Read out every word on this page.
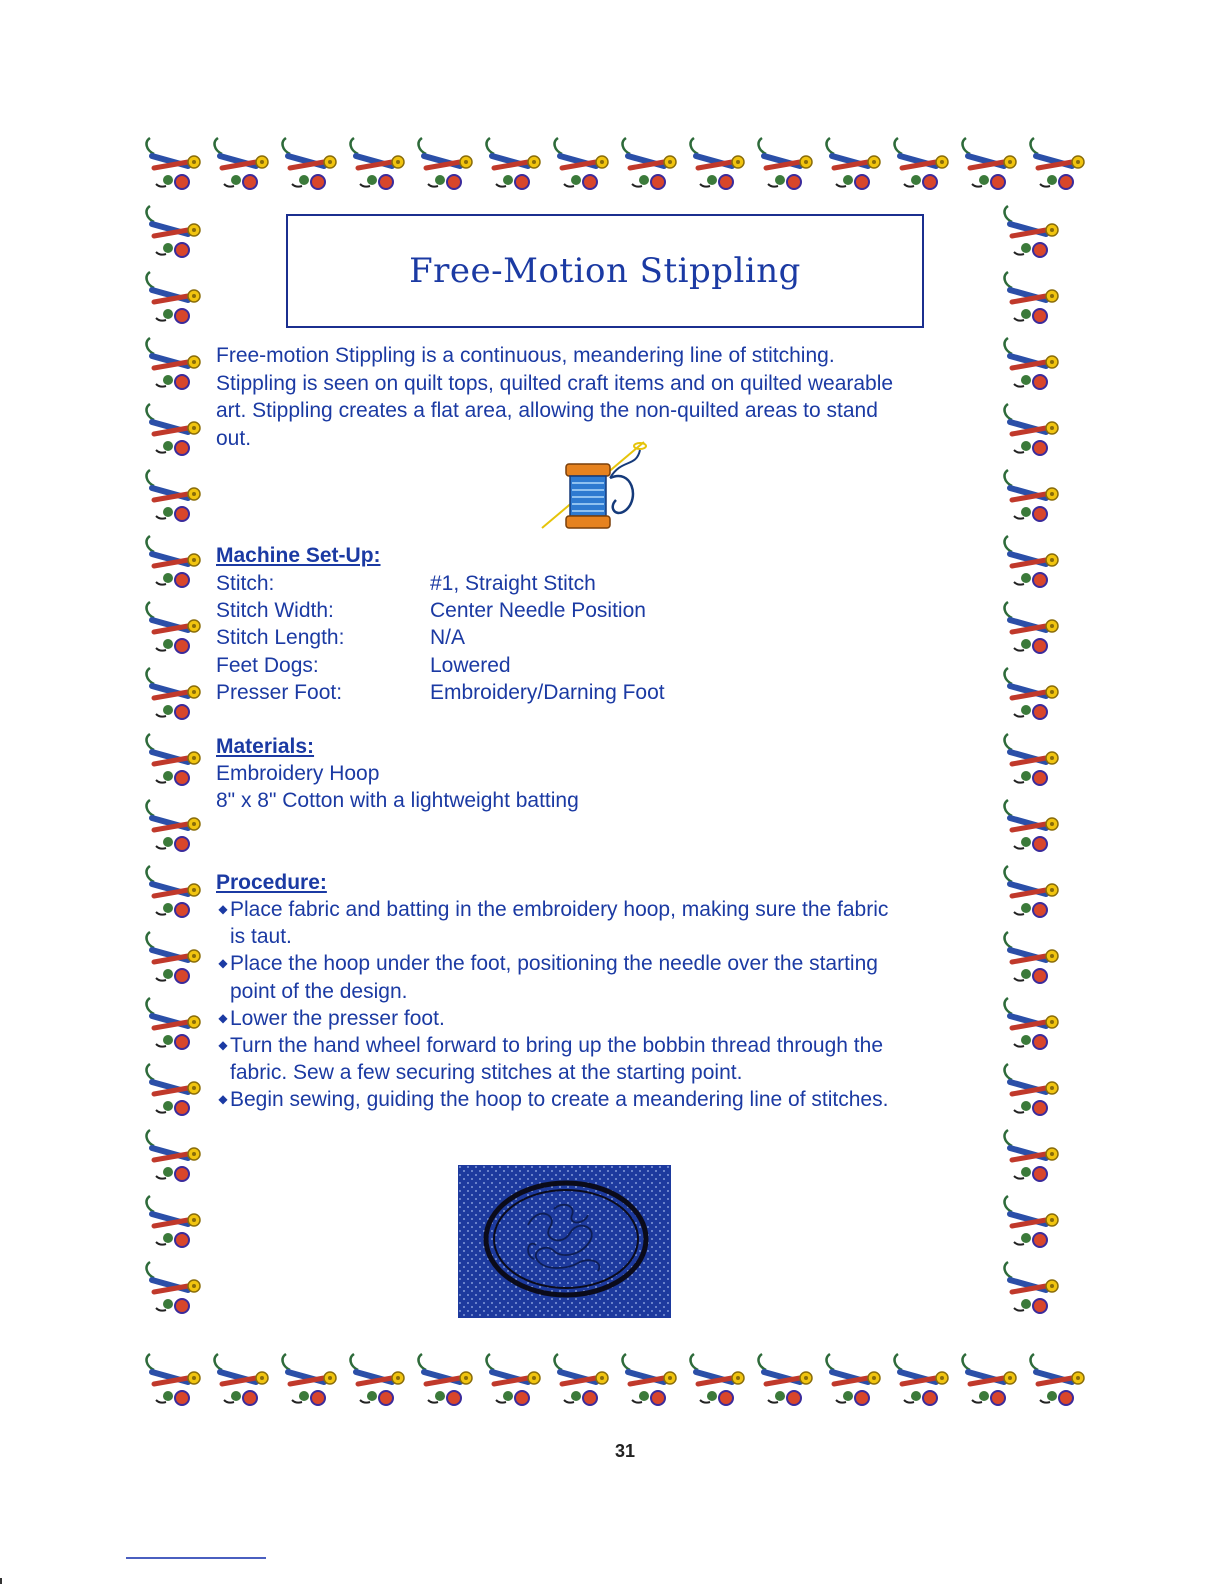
Free-Motion Stippling

Free-motion Stippling is a continuous, meandering line of stitching.

Stippling is seen on quilt tops, quilted craft items and on quilted wearable

art. Stippling creates a flat area, allowing the non-quilted areas to stand

out.

Machine Set-Up:

Stitch:	#1, Straight Stitch
Stitch Width:	Center Needle Position
Stitch Length:	N/A
Feet Dogs:	Lowered
Presser Foot:	Embroidery/Darning Foot

Materials:

Embroidery Hoop
8" x 8" Cotton with a lightweight batting

Procedure:

◆ Place fabric and batting in the embroidery hoop, making sure the fabric
is taut.
◆ Place the hoop under the foot, positioning the needle over the starting
point of the design.
◆ Lower the presser foot.
◆ Turn the hand wheel forward to bring up the bobbin thread through the
fabric. Sew a few securing stitches at the starting point.
◆ Begin sewing, guiding the hoop to create a meandering line of stitches.
31
